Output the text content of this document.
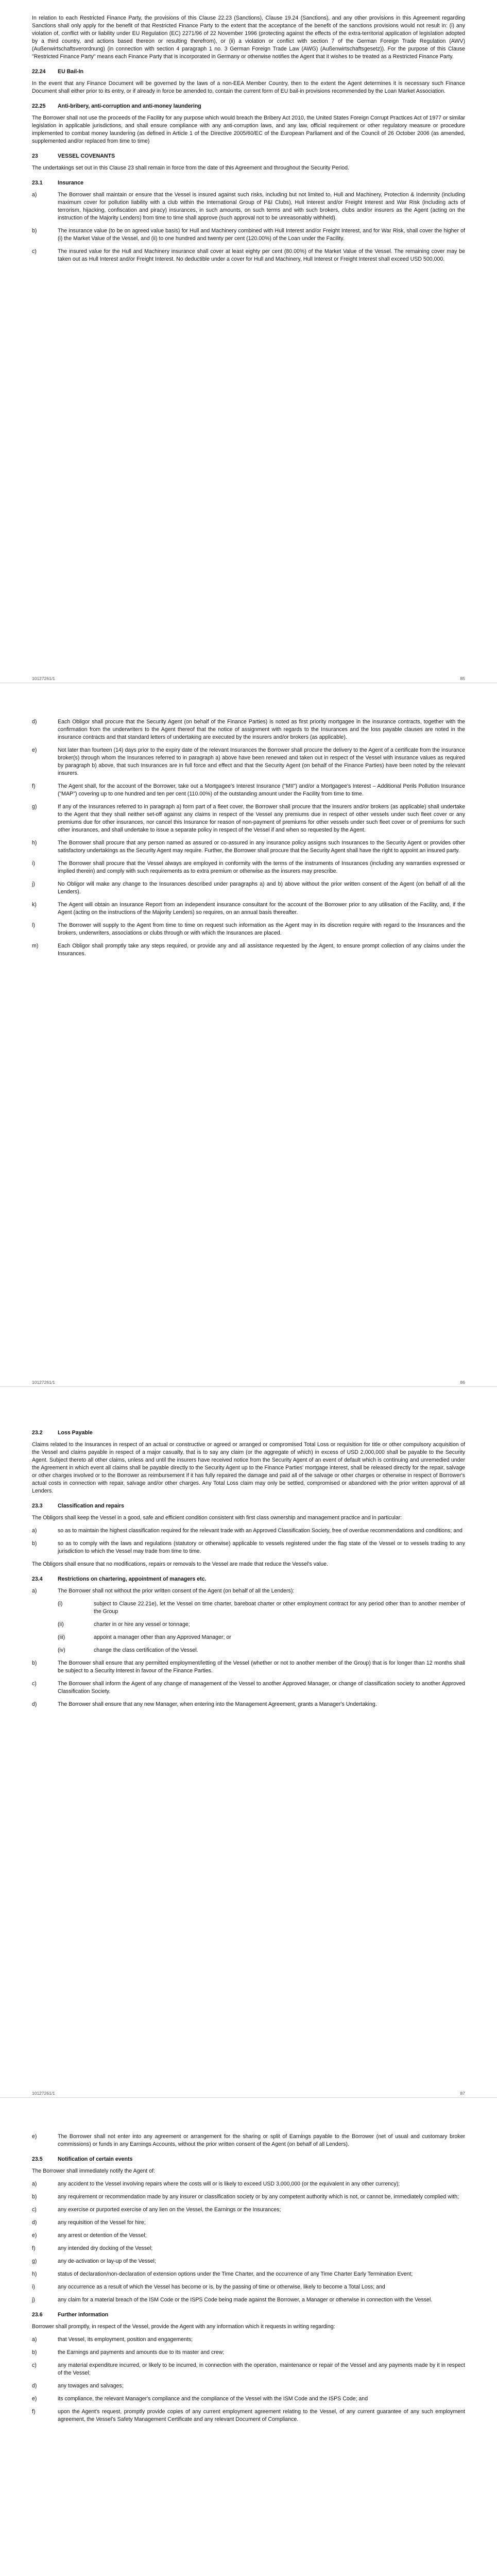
In relation to each Restricted Finance Party, the provisions of this Clause 22.23 (Sanctions), Clause 19.24 (Sanctions), and any other provisions in this Agreement regarding Sanctions shall only apply for the benefit of that Restricted Finance Party to the extent that the acceptance of the benefit of the sanctions provisions would not result in: (i) any violation of, conflict with or liability under EU Regulation (EC) 2271/96 of 22 November 1996 (protecting against the effects of the extra-territorial application of legislation adopted by a third country, and actions based thereon or resulting therefrom), or (ii) a violation or conflict with section 7 of the German Foreign Trade Regulation (AWV) (Außenwirtschaftsverordnung) (in connection with section 4 paragraph 1 no. 3 German Foreign Trade Law (AWG) (Außenwirtschaftsgesetz)). For the purpose of this Clause "Restricted Finance Party" means each Finance Party that is incorporated in Germany or otherwise notifies the Agent that it wishes to be treated as a Restricted Finance Party.

22.24	EU Bail-In

In the event that any Finance Document will be governed by the laws of a non-EEA Member Country, then to the extent the Agent determines it is necessary such Finance Document shall either prior to its entry, or if already in force be amended to, contain the current form of EU bail-in provisions recommended by the Loan Market Association.

22.25	Anti-bribery, anti-corruption and anti-money laundering

The Borrower shall not use the proceeds of the Facility for any purpose which would breach the Bribery Act 2010, the United States Foreign Corrupt Practices Act of 1977 or similar legislation in applicable jurisdictions, and shall ensure compliance with any anti-corruption laws, and any law, official requirement or other regulatory measure or procedure implemented to combat money laundering (as defined in Article 1 of the Directive 2005/60/EC of the European Parliament and of the Council of 26 October 2006 (as amended, supplemented and/or replaced from time to time)

23	VESSEL COVENANTS

The undertakings set out in this Clause 23 shall remain in force from the date of this Agreement and throughout the Security Period.

23.1	Insurance
a)	The Borrower shall maintain or ensure that the Vessel is insured against such risks, including but not limited to, Hull and Machinery, Protection & Indemnity (including maximum cover for pollution liability with a club within the International Group of P&I Clubs), Hull Interest and/or Freight Interest and War Risk (including acts of terrorism, hijacking, confiscation and piracy) insurances, in such amounts, on such terms and with such brokers, clubs and/or insurers as the Agent (acting on the instruction of the Majority Lenders) from time to time shall approve (such approval not to be unreasonably withheld).
b)	The insurance value (to be on agreed value basis) for Hull and Machinery combined with Hull Interest and/or Freight Interest, and for War Risk, shall cover the higher of (i) the Market Value of the Vessel, and (ii) to one hundred and twenty per cent (120.00%) of the Loan under the Facility.
c)	The insured value for the Hull and Machinery insurance shall cover at least eighty per cent (80.00%) of the Market Value of the Vessel. The remaining cover may be taken out as Hull Interest and/or Freight Interest. No deductible under a cover for Hull and Machinery, Hull Interest or Freight Interest shall exceed USD 500,000.
10127261/1	85
d)	Each Obligor shall procure that the Security Agent (on behalf of the Finance Parties) is noted as first priority mortgagee in the insurance contracts, together with the confirmation from the underwriters to the Agent thereof that the notice of assignment with regards to the Insurances and the loss payable clauses are noted in the insurance contracts and that standard letters of undertaking are executed by the insurers and/or brokers (as applicable).
e)	Not later than fourteen (14) days prior to the expiry date of the relevant Insurances the Borrower shall procure the delivery to the Agent of a certificate from the insurance broker(s) through whom the Insurances referred to in paragraph a) above have been renewed and taken out in respect of the Vessel with insurance values as required by paragraph b) above, that such Insurances are in full force and effect and that the Security Agent (on behalf of the Finance Parties) have been noted by the relevant insurers.
f)	The Agent shall, for the account of the Borrower, take out a Mortgagee's Interest Insurance ("MII") and/or a Mortgagee's Interest – Additional Perils Pollution Insurance ("MAP") covering up to one hundred and ten per cent (110.00%) of the outstanding amount under the Facility from time to time.
g)	If any of the Insurances referred to in paragraph a) form part of a fleet cover, the Borrower shall procure that the insurers and/or brokers (as applicable) shall undertake to the Agent that they shall neither set-off against any claims in respect of the Vessel any premiums due in respect of other vessels under such fleet cover or any premiums due for other insurances, nor cancel this Insurance for reason of non-payment of premiums for other vessels under such fleet cover or of premiums for such other insurances, and shall undertake to issue a separate policy in respect of the Vessel if and when so requested by the Agent.
h)	The Borrower shall procure that any person named as assured or co-assured in any insurance policy assigns such Insurances to the Security Agent or provides other satisfactory undertakings as the Security Agent may require. Further, the Borrower shall procure that the Security Agent shall have the right to appoint an insured party.
i)	The Borrower shall procure that the Vessel always are employed in conformity with the terms of the instruments of Insurances (including any warranties expressed or implied therein) and comply with such requirements as to extra premium or otherwise as the insurers may prescribe.
j)	No Obligor will make any change to the Insurances described under paragraphs a) and b) above without the prior written consent of the Agent (on behalf of all the Lenders).
k)	The Agent will obtain an Insurance Report from an independent insurance consultant for the account of the Borrower prior to any utilisation of the Facility, and, if the Agent (acting on the instructions of the Majority Lenders) so requires, on an annual basis thereafter.
l)	The Borrower will supply to the Agent from time to time on request such information as the Agent may in its discretion require with regard to the Insurances and the brokers, underwriters, associations or clubs through or with which the Insurances are placed.
m)	Each Obligor shall promptly take any steps required, or provide any and all assistance requested by the Agent, to ensure prompt collection of any claims under the Insurances.
10127261/1	86
23.2	Loss Payable

Claims related to the Insurances in respect of an actual or constructive or agreed or arranged or compromised Total Loss or requisition for title or other compulsory acquisition of the Vessel and claims payable in respect of a major casualty, that is to say any claim (or the aggregate of which) in excess of USD 2,000,000 shall be payable to the Security Agent. Subject thereto all other claims, unless and until the insurers have received notice from the Security Agent of an event of default which is continuing and unremedied under the Agreement in which event all claims shall be payable directly to the Security Agent up to the Finance Parties' mortgage interest, shall be released directly for the repair, salvage or other charges involved or to the Borrower as reimbursement if it has fully repaired the damage and paid all of the salvage or other charges or otherwise in respect of Borrower's actual costs in connection with repair, salvage and/or other charges. Any Total Loss claim may only be settled, compromised or abandoned with the prior written approval of all Lenders.

23.3	Classification and repairs

The Obligors shall keep the Vessel in a good, safe and efficient condition consistent with first class ownership and management practice and in particular:

a)	so as to maintain the highest classification required for the relevant trade with an Approved Classification Society, free of overdue recommendations and conditions; and
b)	so as to comply with the laws and regulations (statutory or otherwise) applicable to vessels registered under the flag state of the Vessel or to vessels trading to any jurisdiction to which the Vessel may trade from time to time.

The Obligors shall ensure that no modifications, repairs or removals to the Vessel are made that reduce the Vessel's value.

23.4	Restrictions on chartering, appointment of managers etc.
a)	The Borrower shall not without the prior written consent of the Agent (on behalf of all the Lenders):
(i)	subject to Clause 22.21e), let the Vessel on time charter, bareboat charter or other employment contract for any period other than to another member of the Group
(ii)	charter in or hire any vessel or tonnage;
(iii)	appoint a manager other than any Approved Manager; or
(iv)	change the class certification of the Vessel.
b)	The Borrower shall ensure that any permitted employment/letting of the Vessel (whether or not to another member of the Group) that is for longer than 12 months shall be subject to a Security Interest in favour of the Finance Parties.
c)	The Borrower shall inform the Agent of any change of management of the Vessel to another Approved Manager, or change of classification society to another Approved Classification Society.
d)	The Borrower shall ensure that any new Manager, when entering into the Management Agreement, grants a Manager's Undertaking.
10127261/1	87
e)	The Borrower shall not enter into any agreement or arrangement for the sharing or split of Earnings payable to the Borrower (net of usual and customary broker commissions) or funds in any Earnings Accounts, without the prior written consent of the Agent (on behalf of all Lenders).
23.5	Notification of certain events

The Borrower shall immediately notify the Agent of:

a)	any accident to the Vessel involving repairs where the costs will or is likely to exceed USD 3,000,000 (or the equivalent in any other currency);
b)	any requirement or recommendation made by any insurer or classification society or by any competent authority which is not, or cannot be, immediately complied with;
c)	any exercise or purported exercise of any lien on the Vessel, the Earnings or the Insurances;
d)	any requisition of the Vessel for hire;
e)	any arrest or detention of the Vessel;
f)	any intended dry docking of the Vessel;
g)	any de-activation or lay-up of the Vessel;
h)	status of declaration/non-declaration of extension options under the Time Charter, and the occurrence of any Time Charter Early Termination Event;
i)	any occurrence as a result of which the Vessel has become or is, by the passing of time or otherwise, likely to become a Total Loss; and
j)	any claim for a material breach of the ISM Code or the ISPS Code being made against the Borrower, a Manager or otherwise in connection with the Vessel.
23.6	Further information

Borrower shall promptly, in respect of the Vessel, provide the Agent with any information which it requests in writing regarding:

a)	that Vessel, its employment, position and engagements;
b)	the Earnings and payments and amounts due to its master and crew;
c)	any material expenditure incurred, or likely to be incurred, in connection with the operation, maintenance or repair of the Vessel and any payments made by it in respect of the Vessel;
d)	any towages and salvages;
e)	its compliance, the relevant Manager's compliance and the compliance of the Vessel with the ISM Code and the ISPS Code; and
f)	upon the Agent's request, promptly provide copies of any current employment agreement relating to the Vessel, of any current guarantee of any such employment agreement, the Vessel's Safety Management Certificate and any relevant Document of Compliance.
